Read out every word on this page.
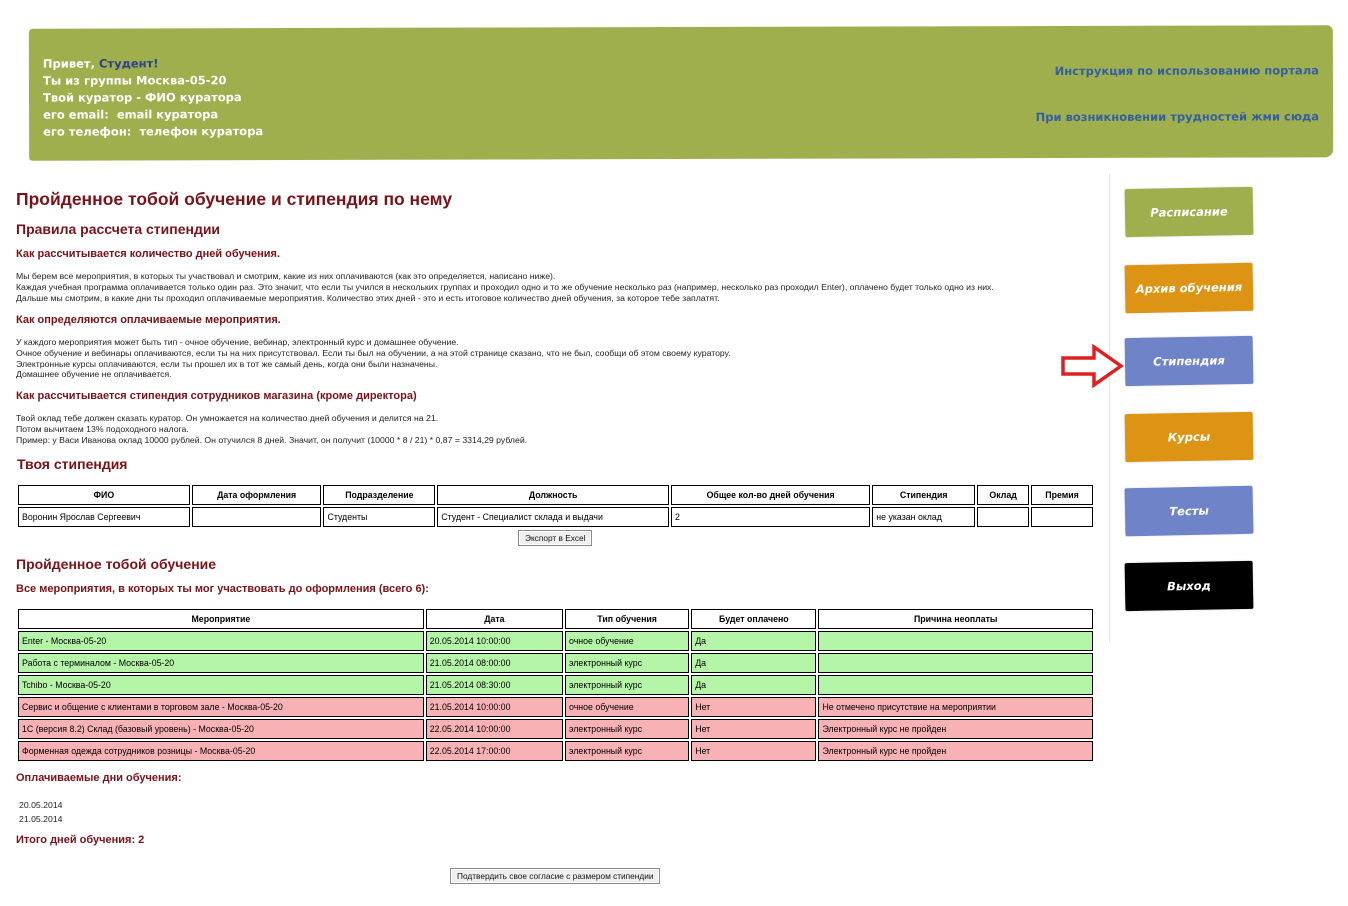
Привет, Студент!
Ты из группы Москва-05-20
Твой куратор - ФИО куратора
его email: email куратора
его телефон: телефон куратора
Инструкция по использованию портала
При возникновении трудностей жми сюда
Расписание
Архив обучения
Стипендия
Курсы
Тесты
Выход
Пройденное тобой обучение и стипендия по нему
Правила рассчета стипендии
Как рассчитывается количество дней обучения.
Мы берем все мероприятия, в которых ты участвовал и смотрим, какие из них оплачиваются (как это определяется, написано ниже).
Каждая учебная программа оплачивается только один раз. Это значит, что если ты учился в нескольких группах и проходил одно и то же обучение несколько раз (например, несколько раз проходил Enter), оплачено будет только одно из них.
Дальше мы смотрим, в какие дни ты проходил оплачиваемые мероприятия. Количество этих дней - это и есть итоговое количество дней обучения, за которое тебе заплатят.
Как определяются оплачиваемые мероприятия.
У каждого мероприятия может быть тип - очное обучение, вебинар, электронный курс и домашнее обучение.
Очное обучение и вебинары оплачиваются, если ты на них присутствовал. Если ты был на обучении, а на этой странице сказано, что не был, сообщи об этом своему куратору.
Электронные курсы оплачиваются, если ты прошел их в тот же самый день, когда они были назначены.
Домашнее обучение не оплачивается.
Как рассчитывается стипендия сотрудников магазина (кроме директора)
Твой оклад тебе должен сказать куратор. Он умножается на количество дней обучения и делится на 21.
Потом вычитаем 13% подоходного налога.
Пример: у Васи Иванова оклад 10000 рублей. Он отучился 8 дней. Значит, он получит (10000 * 8 / 21) * 0,87 = 3314,29 рублей.
Твоя стипендия
ФИО	Дата оформления	Подразделение	Должность	Общее кол-во дней обучения	Стипендия	Оклад	Премия
Воронин Ярослав Сергеевич		Студенты	Студент - Специалист склада и выдачи	2	не указан оклад		
Экспорт в Excel
Пройденное тобой обучение
Все мероприятия, в которых ты мог участвовать до оформления (всего 6):
Мероприятие	Дата	Тип обучения	Будет оплачено	Причина неоплаты
Enter - Москва-05-20	20.05.2014 10:00:00	очное обучение	Да	
Работа с терминалом - Москва-05-20	21.05.2014 08:00:00	электронный курс	Да	
Tchibo - Москва-05-20	21.05.2014 08:30:00	электронный курс	Да	
Сервис и общение с клиентами в торговом зале - Москва-05-20	21.05.2014 10:00:00	очное обучение	Нет	Не отмечено присутствие на мероприятии
1С (версия 8.2) Склад (базовый уровень) - Москва-05-20	22.05.2014 10:00:00	электронный курс	Нет	Электронный курс не пройден
Форменная одежда сотрудников розницы - Москва-05-20	22.05.2014 17:00:00	электронный курс	Нет	Электронный курс не пройден
Оплачиваемые дни обучения:
20.05.2014
21.05.2014
Итого дней обучения: 2
Подтвердить свое согласие с размером стипендии
